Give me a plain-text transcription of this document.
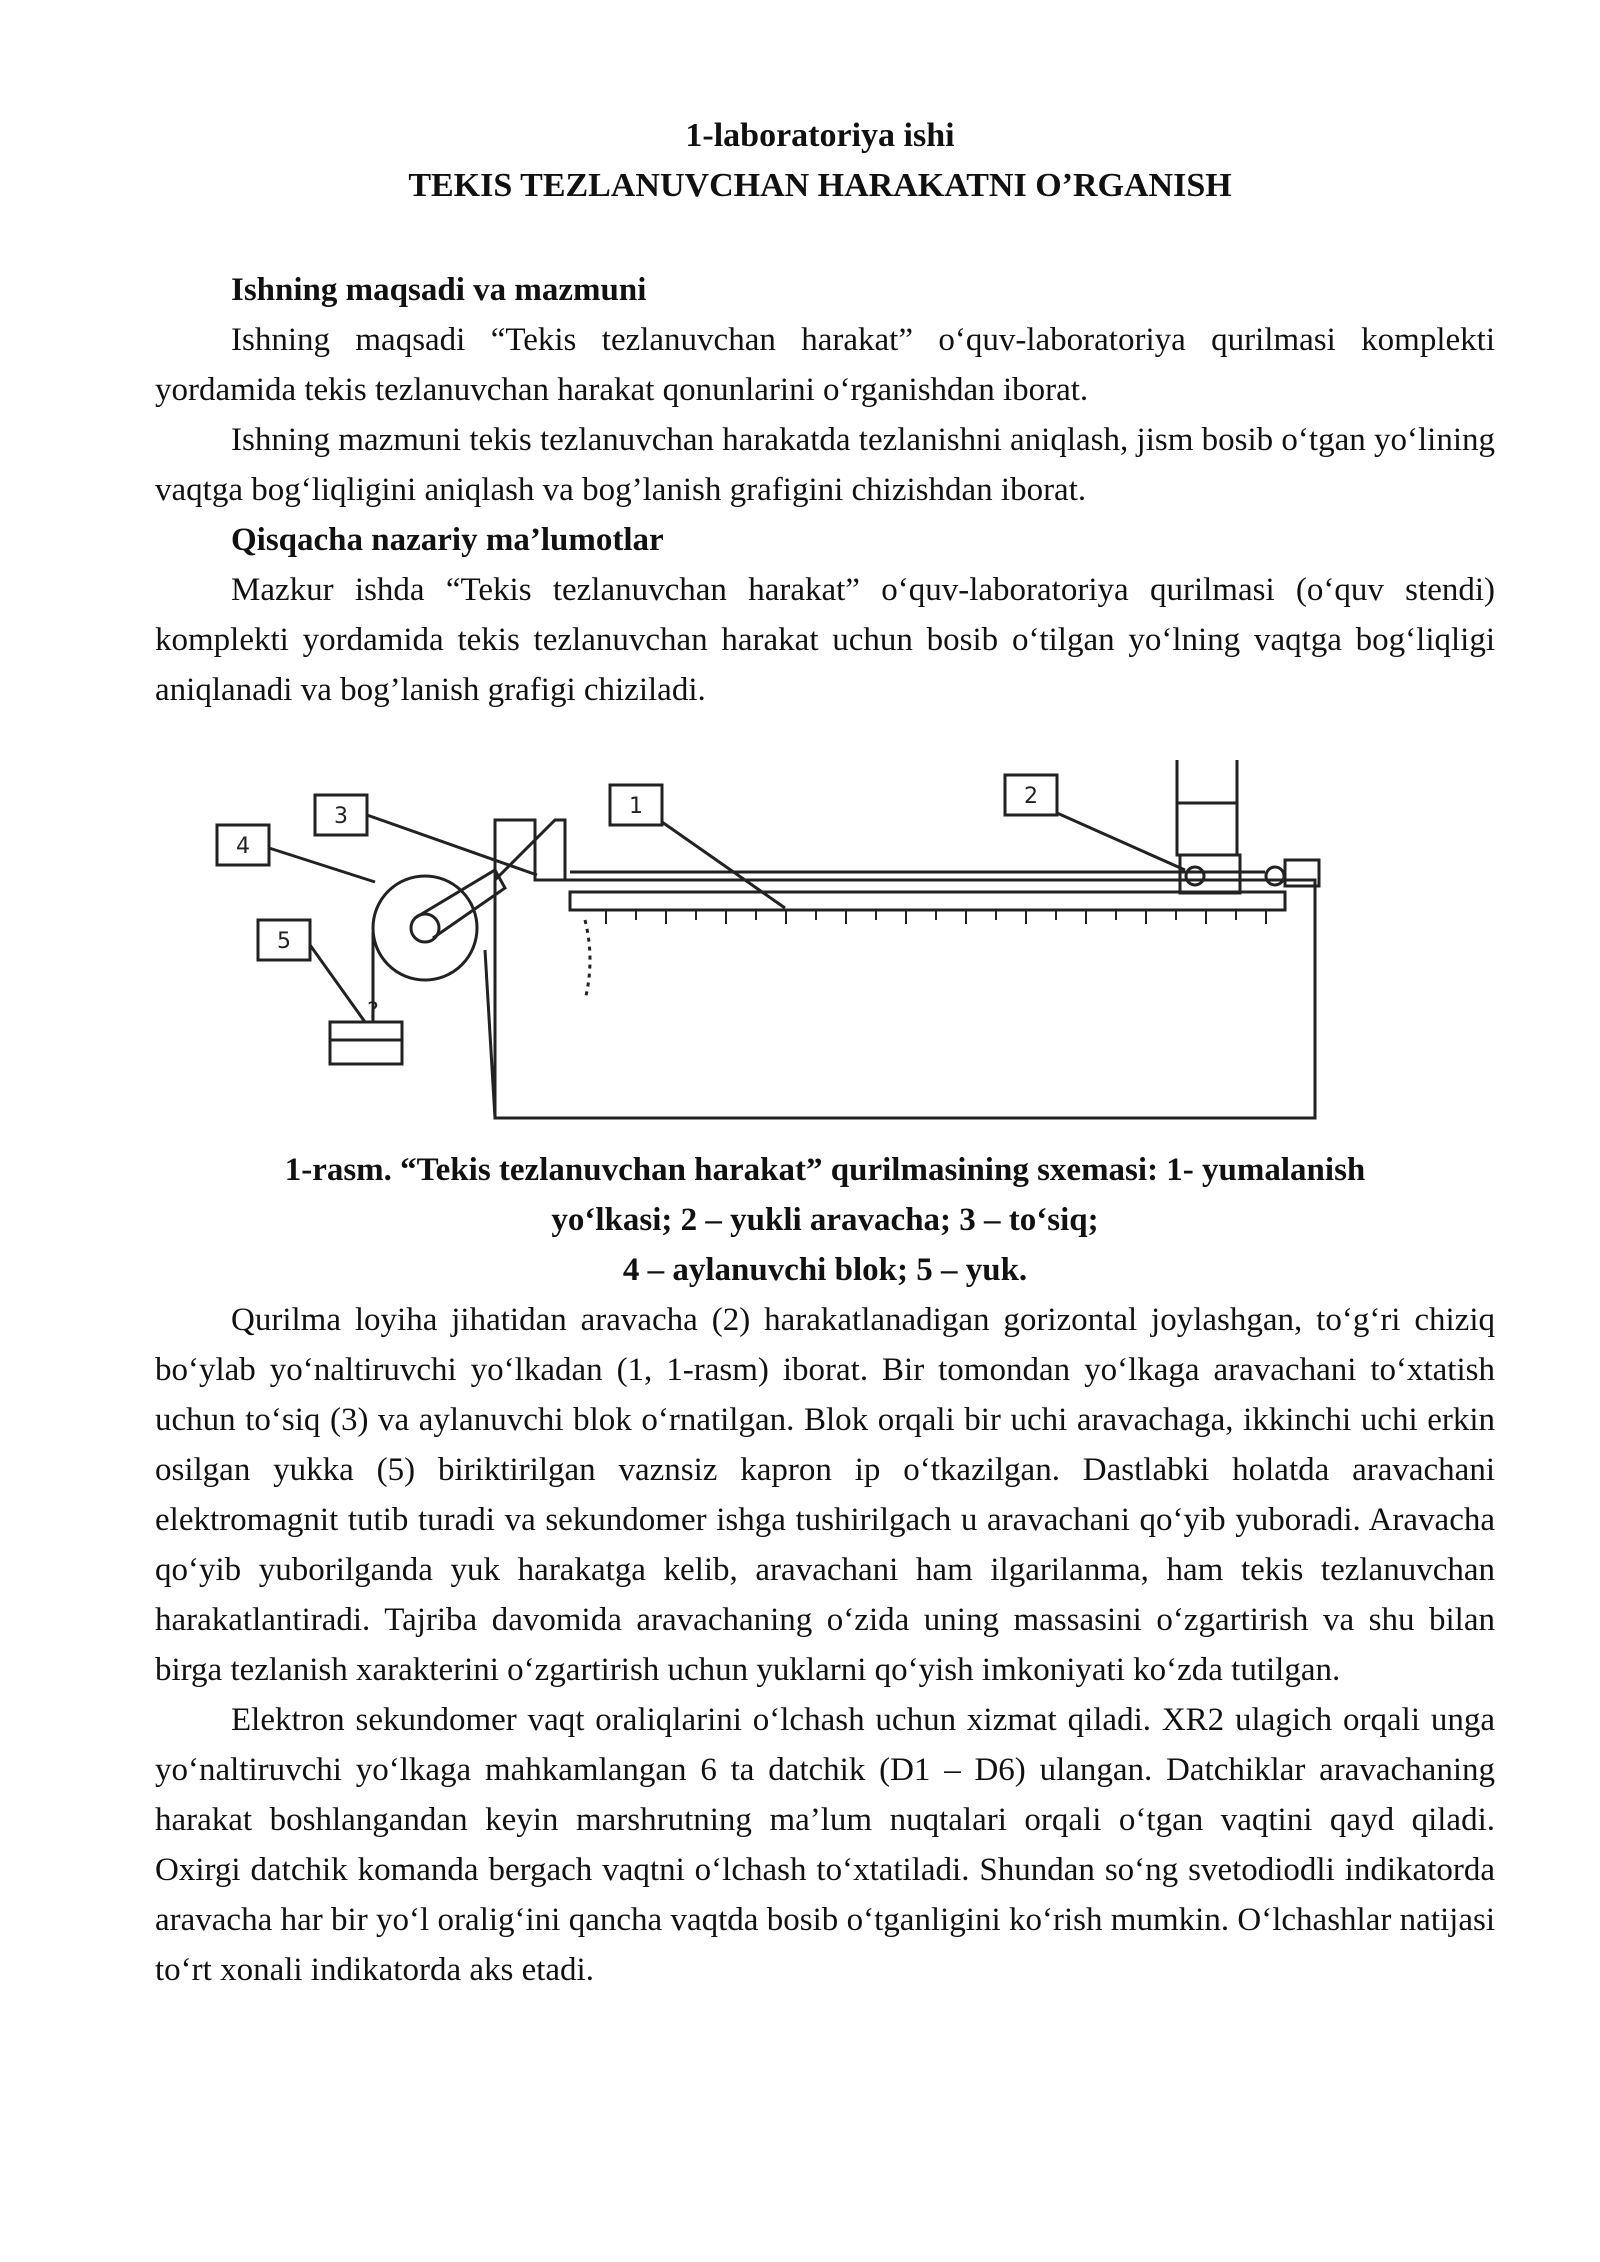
1-laboratoriya ishi
TEKIS TEZLANUVCHAN HARAKATNI O’RGANISH
Ishning maqsadi va mazmuni

Ishning maqsadi “Tekis tezlanuvchan harakat” o‘quv-laboratoriya qurilmasi komplekti yordamida tekis tezlanuvchan harakat qonunlarini o‘rganishdan iborat.

Ishning mazmuni tekis tezlanuvchan harakatda tezlanishni aniqlash, jism bosib o‘tgan yo‘lining vaqtga bog‘liqligini aniqlash va bog’lanish grafigini chizishdan iborat.

Qisqacha nazariy ma’lumotlar

Mazkur ishda “Tekis tezlanuvchan harakat” o‘quv-laboratoriya qurilmasi (o‘quv stendi) komplekti yordamida tekis tezlanuvchan harakat uchun bosib o‘tilgan yo‘lning vaqtga bog‘liqligi aniqlanadi va bog’lanish grafigi chiziladi.

1	2
3
4
5
?
1-rasm. “Tekis tezlanuvchan harakat” qurilmasining sxemasi: 1- yumalanish
yo‘lkasi; 2 – yukli aravacha; 3 – to‘siq;
4 – aylanuvchi blok; 5 – yuk.

Qurilma loyiha jihatidan aravacha (2) harakatlanadigan gorizontal joylashgan, to‘g‘ri chiziq bo‘ylab yo‘naltiruvchi yo‘lkadan (1, 1-rasm) iborat. Bir tomondan yo‘lkaga aravachani to‘xtatish uchun to‘siq (3) va aylanuvchi blok o‘rnatilgan. Blok orqali bir uchi aravachaga, ikkinchi uchi erkin osilgan yukka (5) biriktirilgan vaznsiz kapron ip o‘tkazilgan. Dastlabki holatda aravachani elektromagnit tutib turadi va sekundomer ishga tushirilgach u aravachani qo‘yib yuboradi. Aravacha qo‘yib yuborilganda yuk harakatga kelib, aravachani ham ilgarilanma, ham tekis tezlanuvchan harakatlantiradi. Tajriba davomida aravachaning o‘zida uning massasini o‘zgartirish va shu bilan birga tezlanish xarakterini o‘zgartirish uchun yuklarni qo‘yish imkoniyati ko‘zda tutilgan.

Elektron sekundomer vaqt oraliqlarini o‘lchash uchun xizmat qiladi. XR2 ulagich orqali unga yo‘naltiruvchi yo‘lkaga mahkamlangan 6 ta datchik (D1 – D6) ulangan. Datchiklar aravachaning harakat boshlangandan keyin marshrutning ma’lum nuqtalari orqali o‘tgan vaqtini qayd qiladi. Oxirgi datchik komanda bergach vaqtni o‘lchash to‘xtatiladi. Shundan so‘ng svetodiodli indikatorda aravacha har bir yo‘l oralig‘ini qancha vaqtda bosib o‘tganligini ko‘rish mumkin. O‘lchashlar natijasi to‘rt xonali indikatorda aks etadi.
